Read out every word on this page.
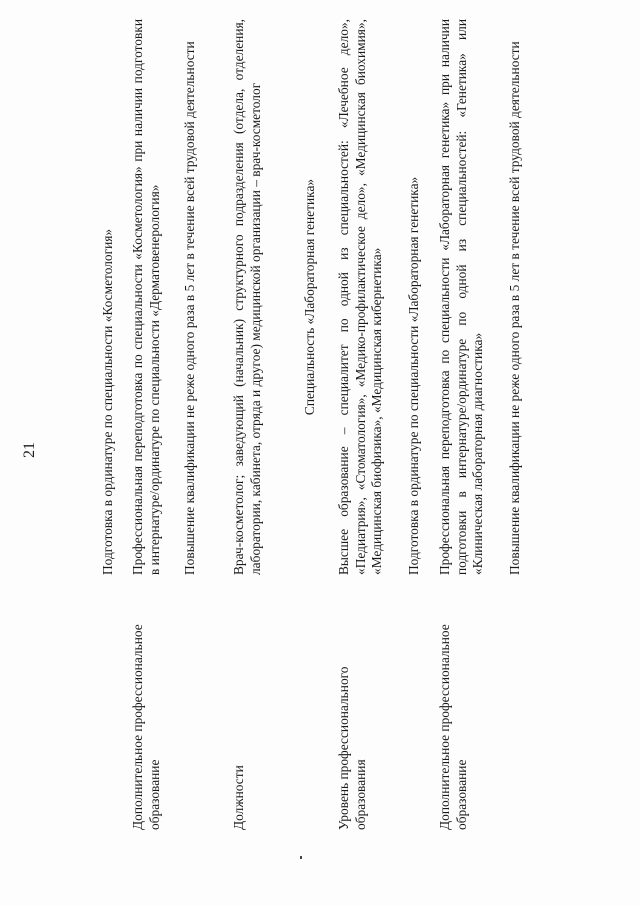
21	Подготовка в ординатуре по специальности «Косметология»
Дополнительное профессиональное образование
Профессиональная переподготовка по специальности «Косметология» при наличии подготовки в интернатуре/ординатуре по специальности «Дерматовенерология» Повышение квалификации не реже одного раза в 5 лет в течение всей трудовой деятельности
Должности
Врач-косметолог; заведующий (начальник) структурного подразделения (отдела, отделения, лаборатории, кабинета, отряда и другое) медицинской организации – врач-косметолог	Специальность «Лабораторная генетика»
Уровень профессионального образования
Высшее образование – специалитет по одной из специальностей: «Лечебное дело», «Педиатрия», «Стоматология», «Медико-профилактическое дело», «Медицинская биохимия», «Медицинская биофизика», «Медицинская кибернетика» Подготовка в ординатуре по специальности «Лабораторная генетика»
Дополнительное профессиональное образование
Профессиональная переподготовка по специальности «Лабораторная генетика» при наличии подготовки в интернатуре/ординатуре по одной из специальностей: «Генетика» или «Клиническая лабораторная диагностика» Повышение квалификации не реже одного раза в 5 лет в течение всей трудовой деятельности
